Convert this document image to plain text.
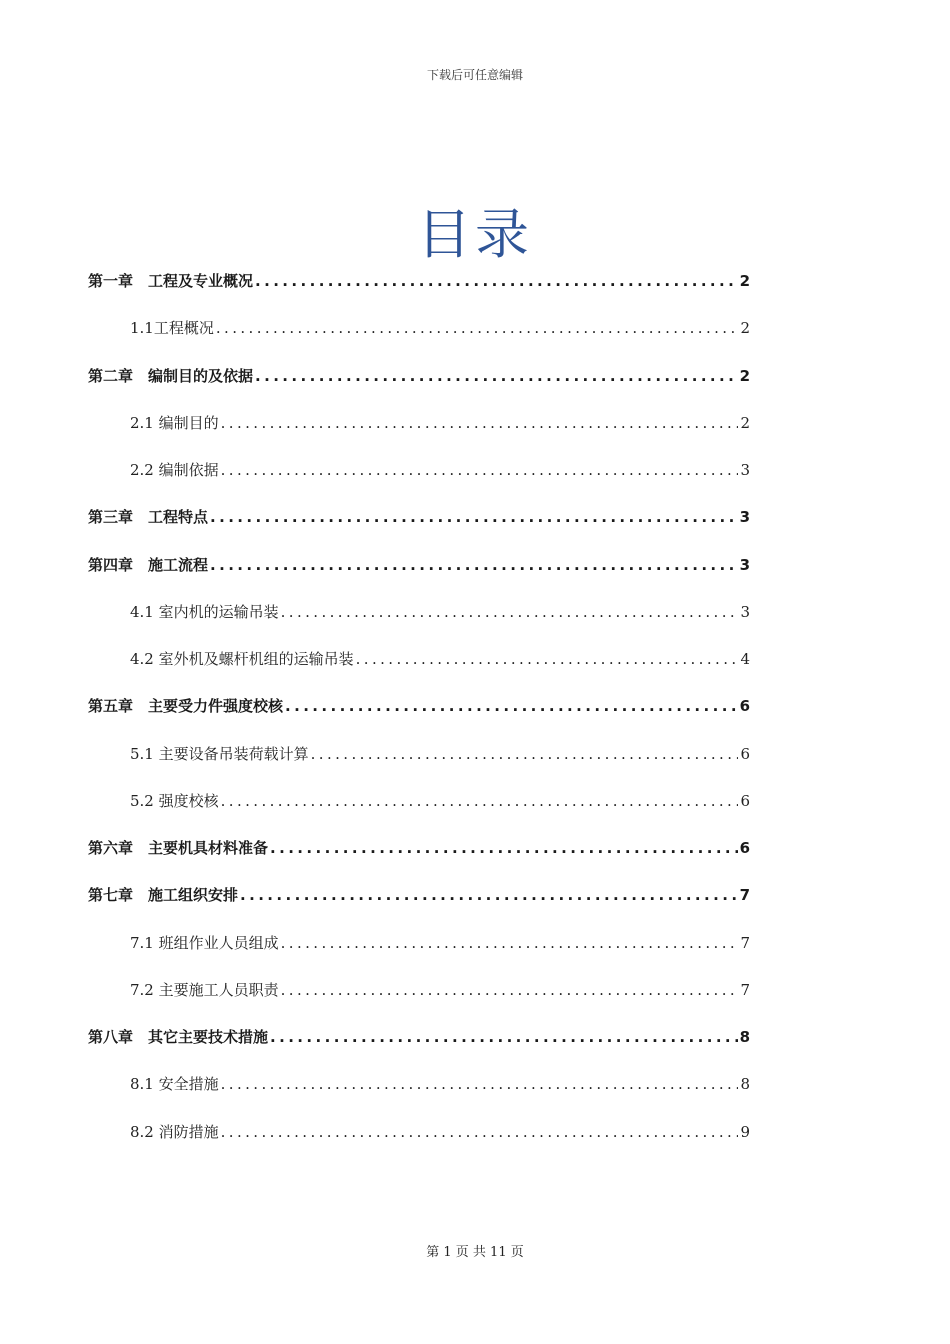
下载后可任意编辑
目录
第一章　工程及专业概况 .....	2
1.1工程概况 .....	2
第二章　编制目的及依据 .....	2
2.1 编制目的 .....	2
2.2 编制依据 .....	3
第三章　工程特点 .....	3
第四章　施工流程 .....	3
4.1 室内机的运输吊装 .....	3
4.2 室外机及螺杆机组的运输吊装 .....	4
第五章　主要受力件强度校核 .....	6
5.1 主要设备吊装荷载计算 .....	6
5.2 强度校核 .....	6
第六章　主要机具材料准备 .....	6
第七章　施工组织安排 .....	7
7.1 班组作业人员组成 .....	7
7.2 主要施工人员职责 .....	7
第八章　其它主要技术措施 .....	8
8.1 安全措施 .....	8
8.2 消防措施 .....	9
第 1 页 共 11 页
